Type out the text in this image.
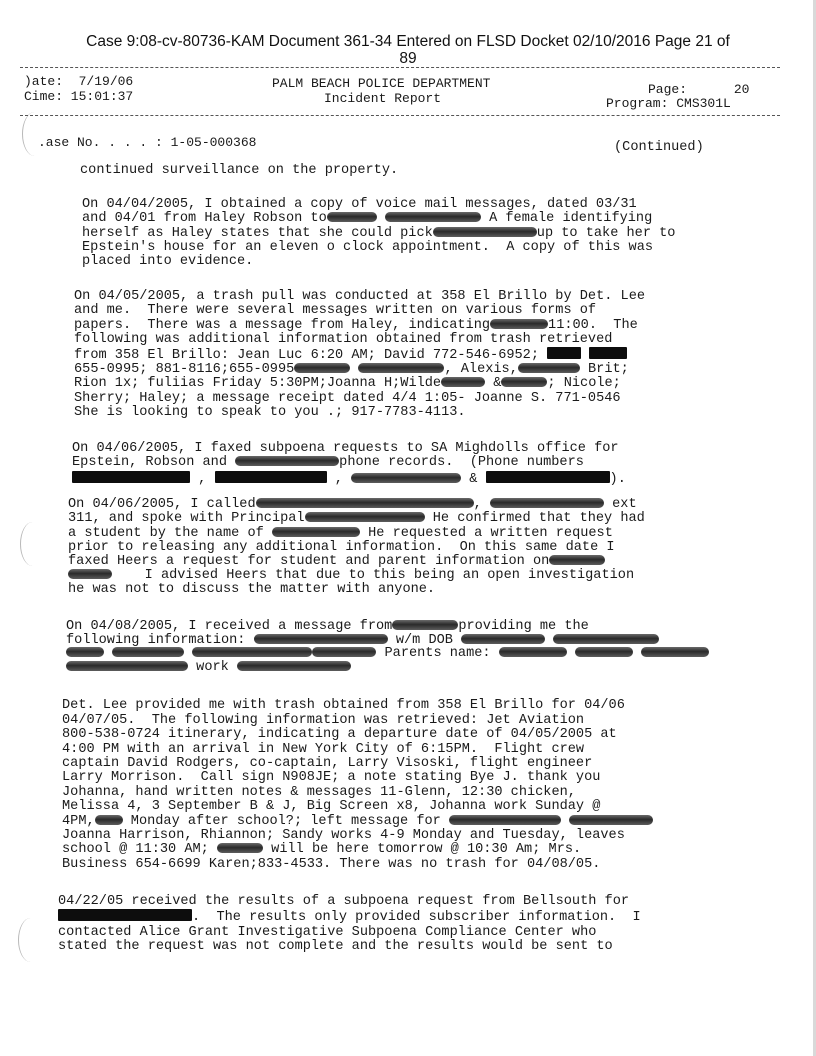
Case 9:08-cv-80736-KAM Document 361-34 Entered on FLSD Docket 02/10/2016 Page 21 of
89
)ate:  7/19/06
Cime: 15:01:37
PALM BEACH POLICE DEPARTMENT
Incident Report
Page:      20
Program: CMS301L
.ase No. . . . : 1-05-000368	(Continued)

continued surveillance on the property.

On 04/04/2005, I obtained a copy of voice mail messages, dated 03/31
and 04/01 from Haley Robson to	A female identifying
herself as Haley states that she could pick	up to take her to
Epstein's house for an eleven o clock appointment.  A copy of this was
placed into evidence.

On 04/05/2005, a trash pull was conducted at 358 El Brillo by Det. Lee
and me.  There were several messages written on various forms of
papers.  There was a message from Haley, indicating	11:00.  The
following was additional information obtained from trash retrieved
from 358 El Brillo: Jean Luc 6:20 AM; David 772-546-6952;
655-0995; 881-8116;655-0995	, Alexis,	Brit;
Rion 1x; fuliias Friday 5:30PM;Joanna H;Wilde	&	; Nicole;
Sherry; Haley; a message receipt dated 4/4 1:05- Joanne S. 771-0546
She is looking to speak to you .; 917-7783-4113.

On 04/06/2005, I faxed subpoena requests to SA Mighdolls office for
Epstein, Robson and	phone records.  (Phone numbers
,	,	&	).

On 04/06/2005, I called	,	ext
311, and spoke with Principal	He confirmed that they had
a student by the name of	He requested a written request
prior to releasing any additional information.  On this same date I
faxed Heers a request for student and parent information on
I advised Heers that due to this being an open investigation
he was not to discuss the matter with anyone.

On 04/08/2005, I received a message from	providing me the
following information:	w/m DOB
Parents name:
work

Det. Lee provided me with trash obtained from 358 El Brillo for 04/06
04/07/05.  The following information was retrieved: Jet Aviation
800-538-0724 itinerary, indicating a departure date of 04/05/2005 at
4:00 PM with an arrival in New York City of 6:15PM.  Flight crew
captain David Rodgers, co-captain, Larry Visoski, flight engineer
Larry Morrison.  Call sign N908JE; a note stating Bye J. thank you
Johanna, hand written notes & messages 11-Glenn, 12:30 chicken,
Melissa 4, 3 September B & J, Big Screen x8, Johanna work Sunday @
4PM, Monday after school?; left message for
Joanna Harrison, Rhiannon; Sandy works 4-9 Monday and Tuesday, leaves
school @ 11:30 AM;	will be here tomorrow @ 10:30 Am; Mrs.
Business 654-6699 Karen;833-4533. There was no trash for 04/08/05.

04/22/05 received the results of a subpoena request from Bellsouth for
.  The results only provided subscriber information.  I
contacted Alice Grant Investigative Subpoena Compliance Center who
stated the request was not complete and the results would be sent to
